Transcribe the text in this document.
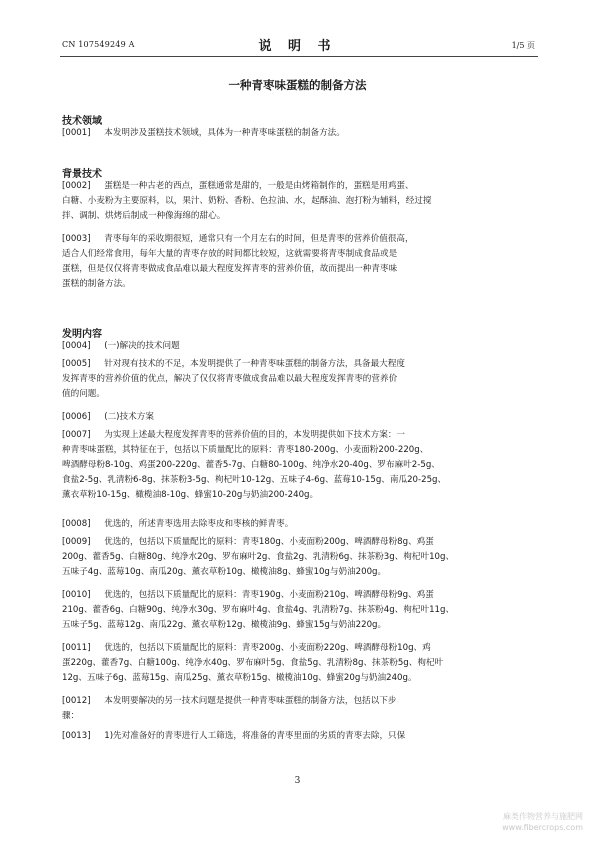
CN 107549249 A	说 明 书	1/5 页
一种青枣味蛋糕的制备方法
技术领域

[0001]     本发明涉及蛋糕技术领域，具体为一种青枣味蛋糕的制备方法。

背景技术

[0002]     蛋糕是一种古老的西点，蛋糕通常是甜的，一般是由烤箱制作的，蛋糕是用鸡蛋、
白糖、小麦粉为主要原料，以，果汁、奶粉、香粉、色拉油、水，起酥油、泡打粉为辅料，经过搅
拌、调制、烘烤后制成一种像海绵的甜心。

[0003]     青枣每年的采收期很短，通常只有一个月左右的时间，但是青枣的营养价值很高，
适合人们经常食用，每年大量的青枣存放的时间都比较短，这就需要将青枣制成食品或是
蛋糕，但是仅仅将青枣做成食品难以最大程度发挥青枣的营养价值，故而提出一种青枣味
蛋糕的制备方法。

发明内容

[0004]     (一)解决的技术问题

[0005]     针对现有技术的不足，本发明提供了一种青枣味蛋糕的制备方法，具备最大程度
发挥青枣的营养价值的优点，解决了仅仅将青枣做成食品难以最大程度发挥青枣的营养价
值的问题。

[0006]     (二)技术方案

[0007]     为实现上述最大程度发挥青枣的营养价值的目的，本发明提供如下技术方案：一
种青枣味蛋糕，其特征在于，包括以下质量配比的原料：青枣180-200g、小麦面粉200-220g、
啤酒酵母粉8-10g、鸡蛋200-220g、藿香5-7g、白糖80-100g、纯净水20-40g、罗布麻叶2-5g、
食盐2-5g、乳清粉6-8g、抹茶粉3-5g、枸杞叶10-12g、五味子4-6g、蓝莓10-15g、南瓜20-25g、
薰衣草粉10-15g、橄榄油8-10g、蜂蜜10-20g与奶油200-240g。

[0008]     优选的，所述青枣选用去除枣皮和枣核的鲜青枣。

[0009]     优选的，包括以下质量配比的原料：青枣180g、小麦面粉200g、啤酒酵母粉8g、鸡蛋
200g、藿香5g、白糖80g、纯净水20g、罗布麻叶2g、食盐2g、乳清粉6g、抹茶粉3g、枸杞叶10g、
五味子4g、蓝莓10g、南瓜20g、薰衣草粉10g、橄榄油8g、蜂蜜10g与奶油200g。

[0010]     优选的，包括以下质量配比的原料：青枣190g、小麦面粉210g、啤酒酵母粉9g、鸡蛋
210g、藿香6g、白糖90g、纯净水30g、罗布麻叶4g、食盐4g、乳清粉7g、抹茶粉4g、枸杞叶11g、
五味子5g、蓝莓12g、南瓜22g、薰衣草粉12g、橄榄油9g、蜂蜜15g与奶油220g。

[0011]     优选的，包括以下质量配比的原料：青枣200g、小麦面粉220g、啤酒酵母粉10g、鸡
蛋220g、藿香7g、白糖100g、纯净水40g、罗布麻叶5g、食盐5g、乳清粉8g、抹茶粉5g、枸杞叶
12g、五味子6g、蓝莓15g、南瓜25g、薰衣草粉15g、橄榄油10g、蜂蜜20g与奶油240g。

[0012]     本发明要解决的另一技术问题是提供一种青枣味蛋糕的制备方法，包括以下步
骤：

[0013]     1)先对准备好的青枣进行人工筛选，将准备的青枣里面的劣质的青枣去除，只保

3
麻类作物营养与施肥网
www.fibercrops.com
